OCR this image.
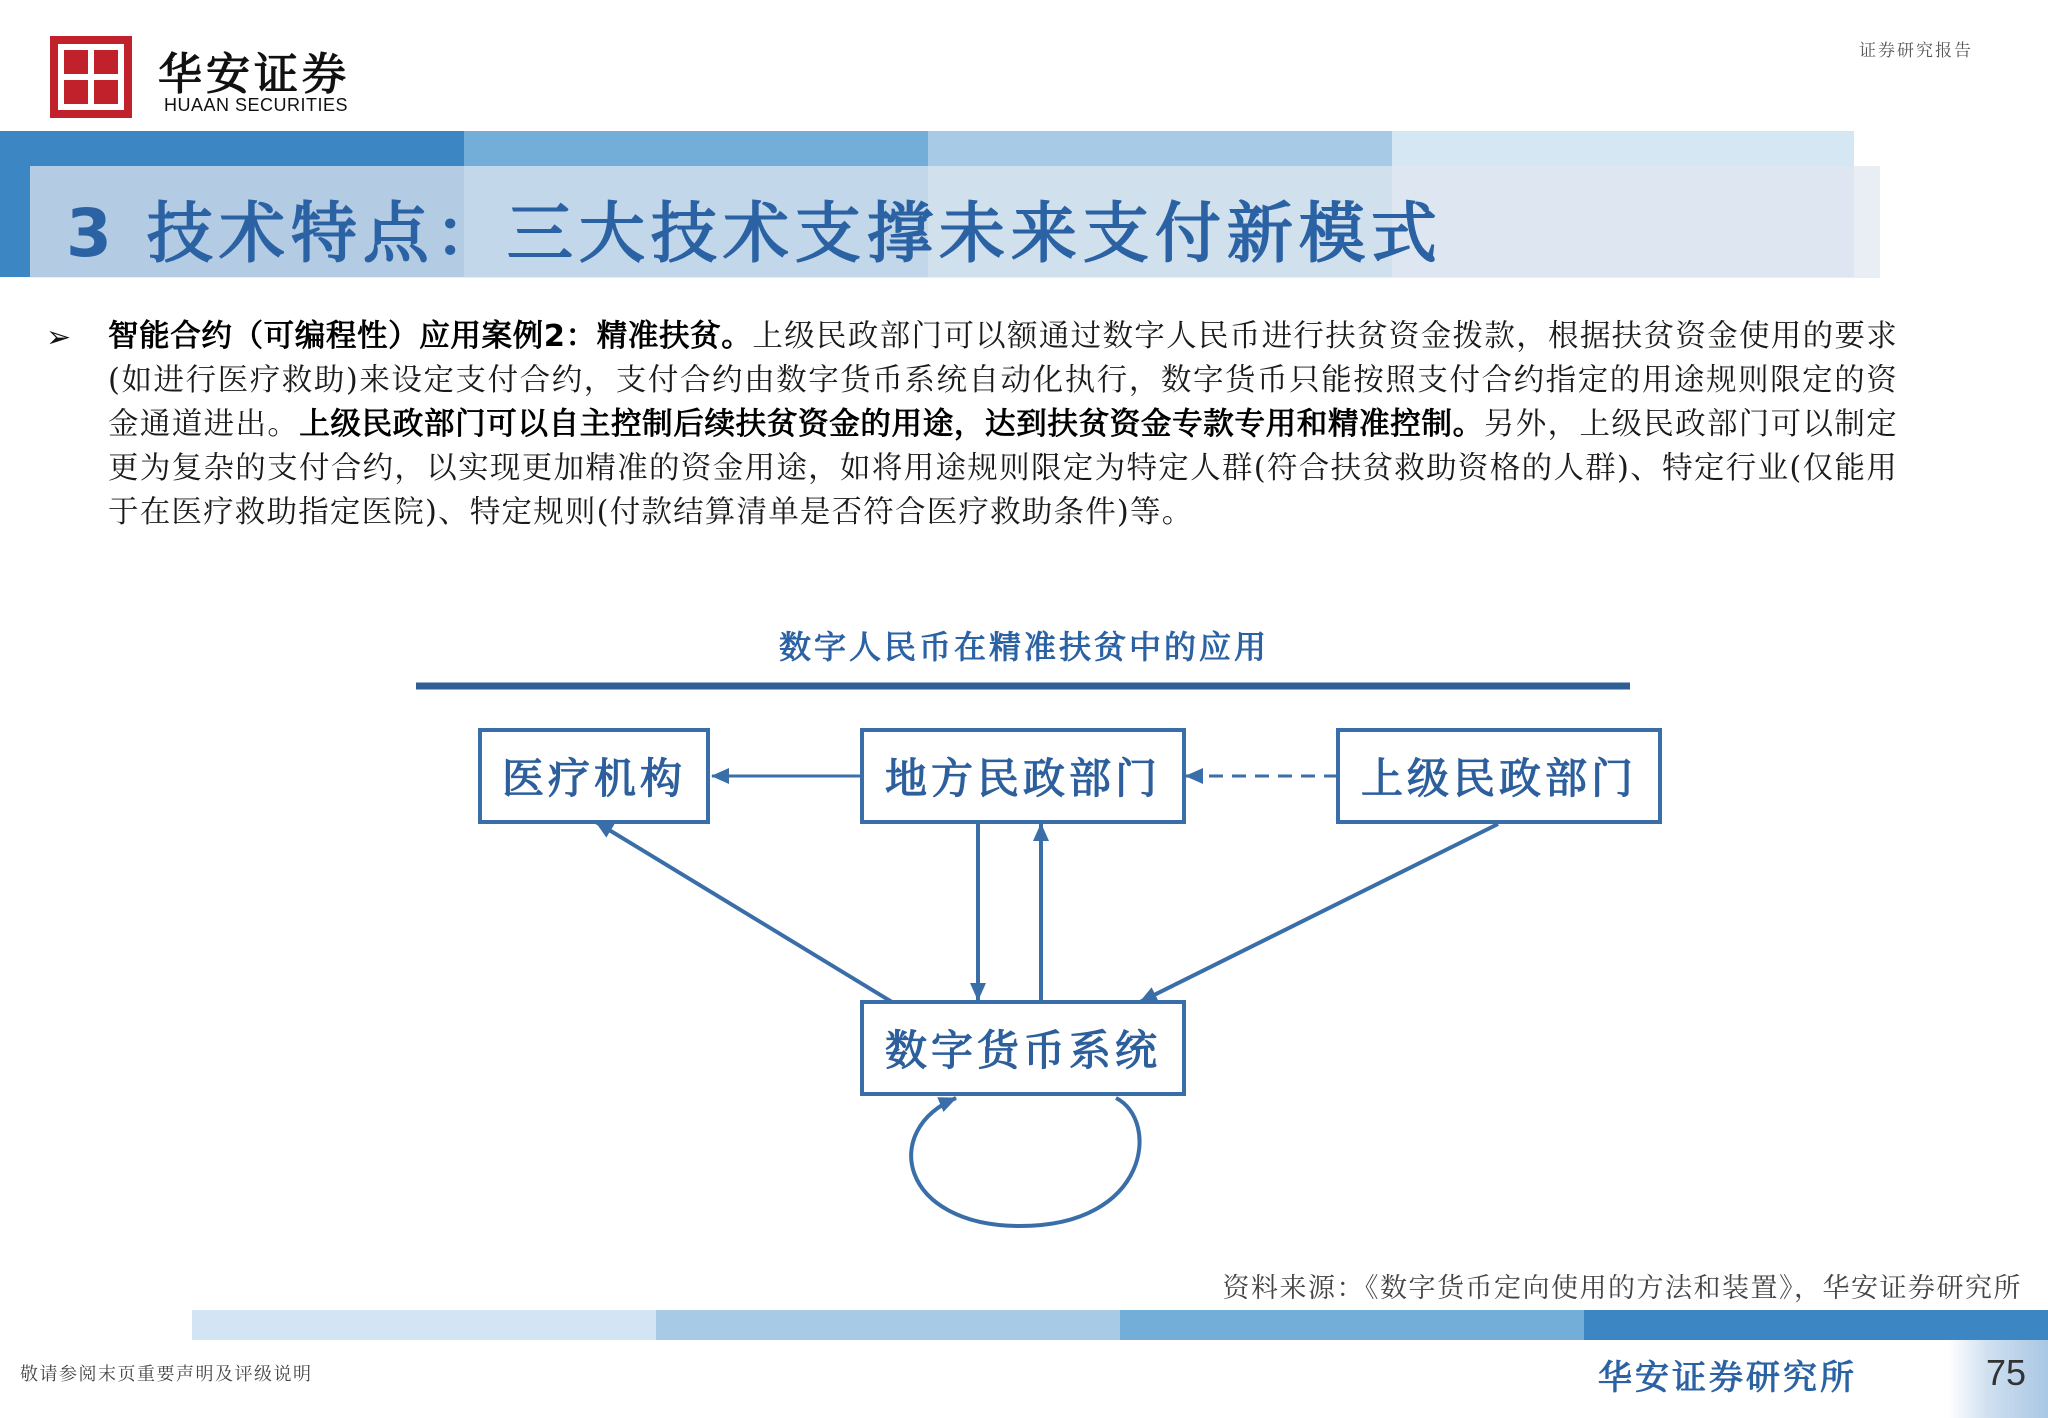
华安证券
HUAAN SECURITIES
证券研究报告
3 技术特点：三大技术支撑未来支付新模式
➢ 智能合约（可编程性）应用案例2：精准扶贫。上级民政部门可以额通过数字人民币进行扶贫资金拨款，根据扶贫资金使用的要求(如进行医疗救助)来设定支付合约，支付合约由数字货币系统自动化执行，数字货币只能按照支付合约指定的用途规则限定的资金通道进出。上级民政部门可以自主控制后续扶贫资金的用途，达到扶贫资金专款专用和精准控制。另外，上级民政部门可以制定更为复杂的支付合约，以实现更加精准的资金用途，如将用途规则限定为特定人群(符合扶贫救助资格的人群)、特定行业(仅能用于在医疗救助指定医院)、特定规则(付款结算清单是否符合医疗救助条件)等。
数字人民币在精准扶贫中的应用
医疗机构	地方民政部门	上级民政部门
数字货币系统
资料来源：《数字货币定向使用的方法和装置》，华安证券研究所
敬请参阅末页重要声明及评级说明	华安证券研究所	75
